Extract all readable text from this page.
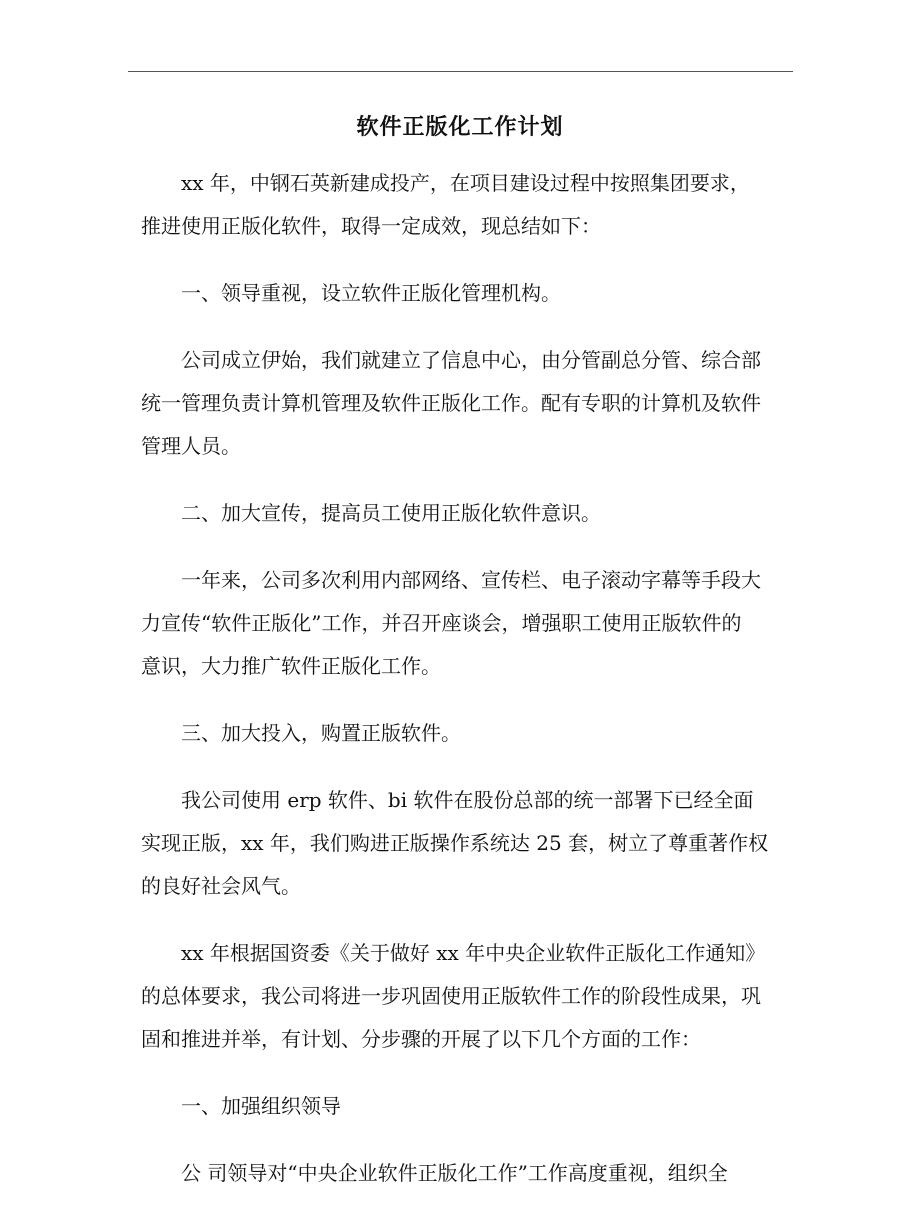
软件正版化工作计划

xx 年，中钢石英新建成投产，在项目建设过程中按照集团要求，
推进使用正版化软件，取得一定成效，现总结如下：

一、领导重视，设立软件正版化管理机构。

公司成立伊始，我们就建立了信息中心，由分管副总分管、综合部
统一管理负责计算机管理及软件正版化工作。配有专职的计算机及软件
管理人员。

二、加大宣传，提高员工使用正版化软件意识。

一年来，公司多次利用内部网络、宣传栏、电子滚动字幕等手段大
力宣传“软件正版化”工作，并召开座谈会，增强职工使用正版软件的
意识，大力推广软件正版化工作。

三、加大投入，购置正版软件。

我公司使用 erp 软件、bi 软件在股份总部的统一部署下已经全面
实现正版，xx 年，我们购进正版操作系统达 25 套，树立了尊重著作权
的良好社会风气。

xx 年根据国资委《关于做好 xx 年中央企业软件正版化工作通知》
的总体要求，我公司将进一步巩固使用正版软件工作的阶段性成果，巩
固和推进并举，有计划、分步骤的开展了以下几个方面的工作：

一、加强组织领导

公 司领导对“中央企业软件正版化工作”工作高度重视，组织全
